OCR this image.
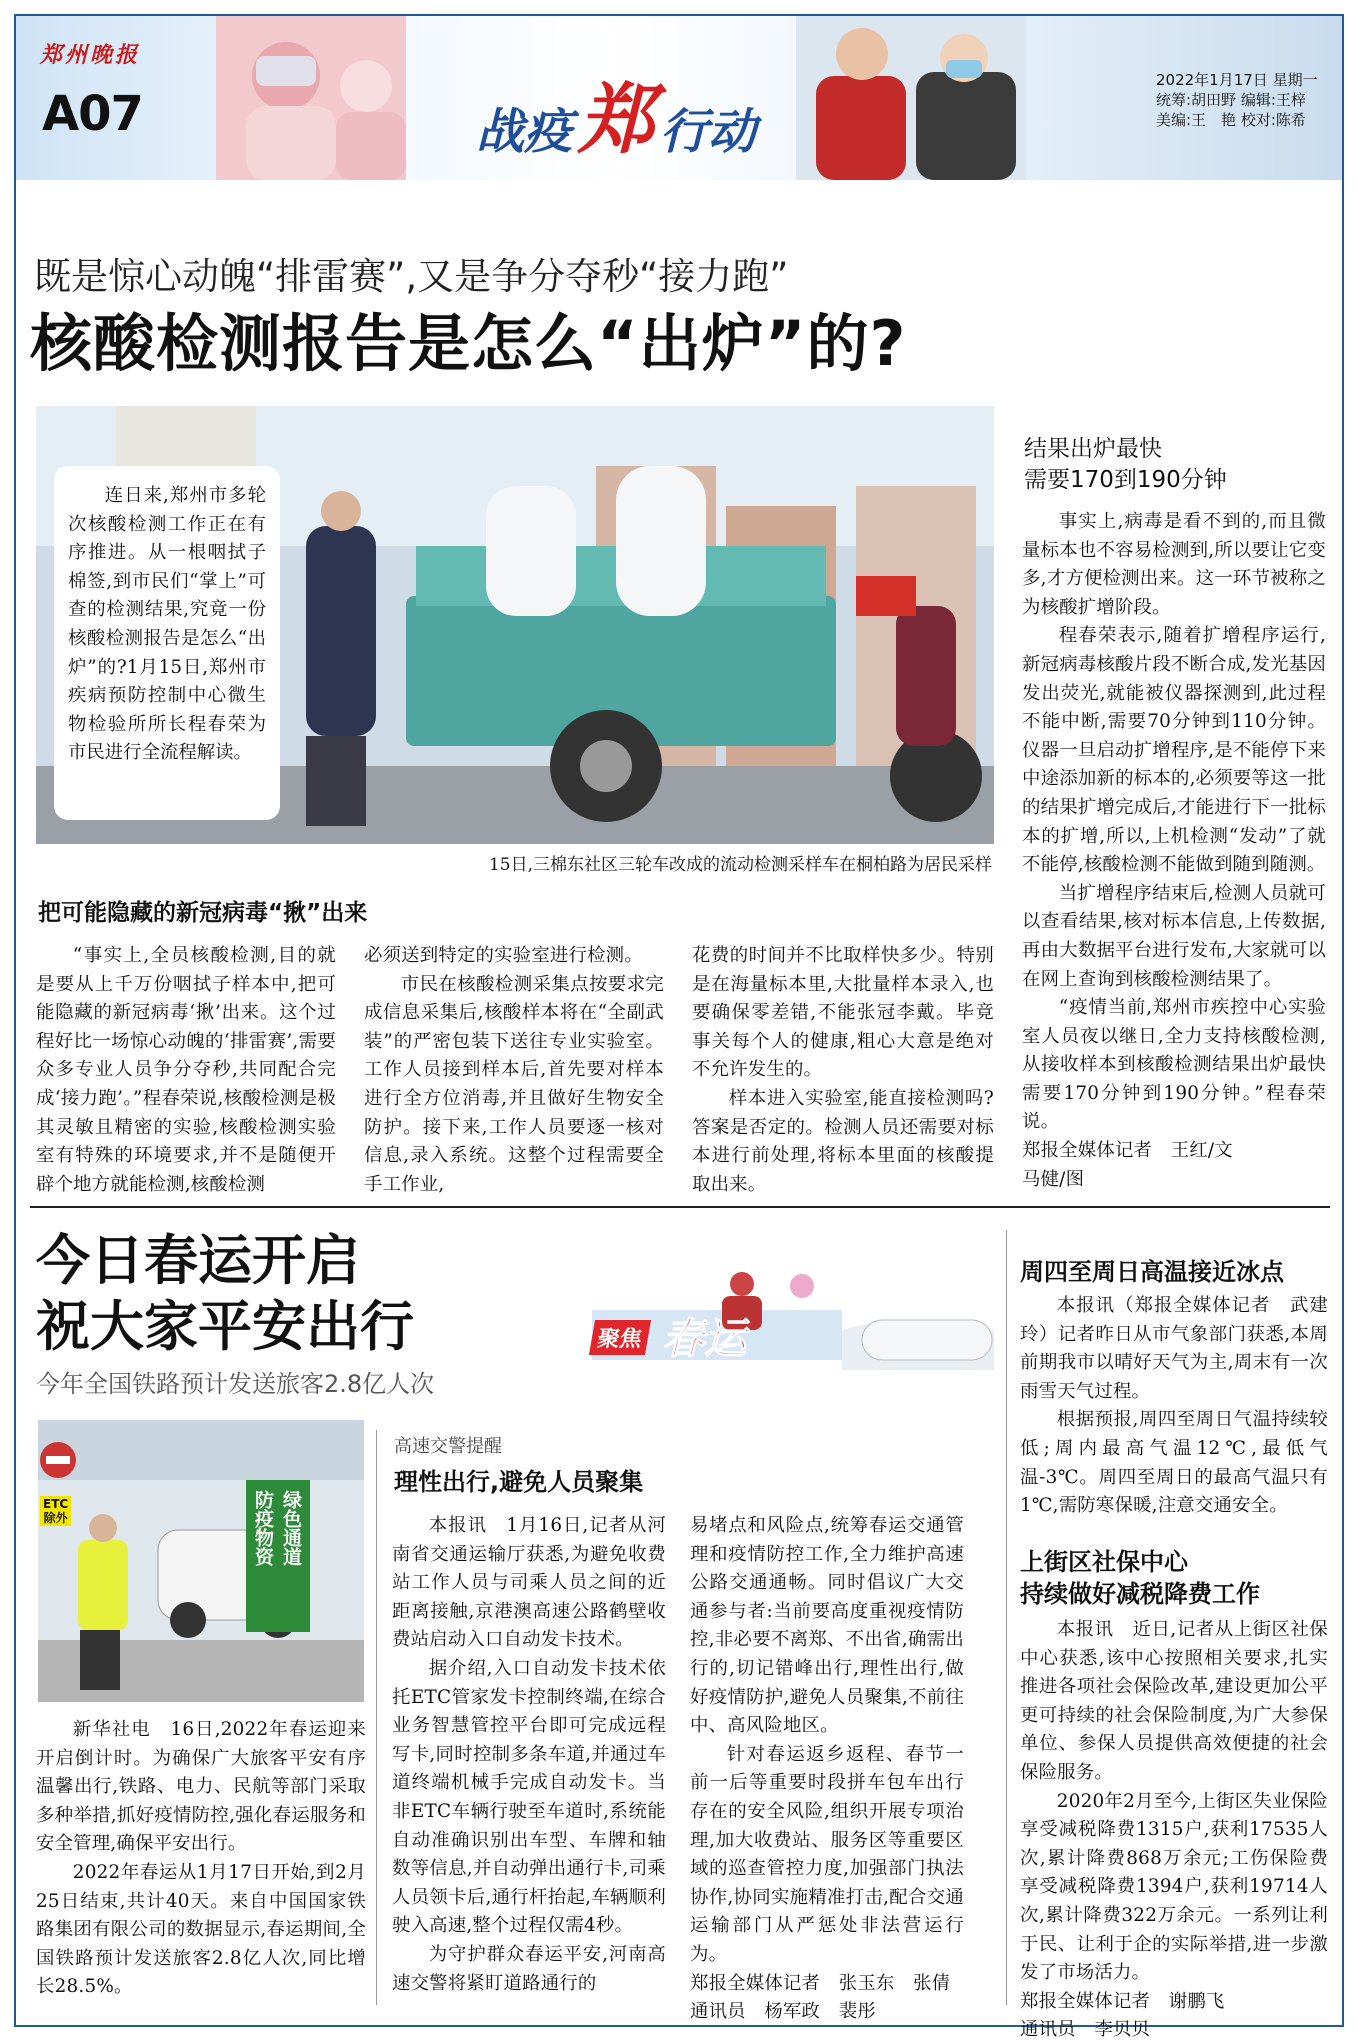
郑州晚报
A07	战疫 郑 行动
2022年1月17日 星期一
统筹:胡田野 编辑:王梓
美编:王　艳 校对:陈希
既是惊心动魄“排雷赛”,又是争分夺秒“接力跑”
核酸检测报告是怎么“出炉”的?

连日来,郑州市多轮次核酸检测工作正在有序推进。从一根咽拭子棉签,到市民们“掌上”可查的检测结果,究竟一份核酸检测报告是怎么“出炉”的?1月15日,郑州市疾病预防控制中心微生物检验所所长程春荣为市民进行全流程解读。

15日,三棉东社区三轮车改成的流动检测采样车在桐柏路为居民采样
把可能隐藏的新冠病毒“揪”出来

“事实上,全员核酸检测,目的就是要从上千万份咽拭子样本中,把可能隐藏的新冠病毒‘揪’出来。这个过程好比一场惊心动魄的‘排雷赛’,需要众多专业人员争分夺秒,共同配合完成‘接力跑’。”程春荣说,核酸检测是极其灵敏且精密的实验,核酸检测实验室有特殊的环境要求,并不是随便开辟个地方就能检测,核酸检测

必须送到特定的实验室进行检测。

市民在核酸检测采集点按要求完成信息采集后,核酸样本将在“全副武装”的严密包装下送往专业实验室。工作人员接到样本后,首先要对样本进行全方位消毒,并且做好生物安全防护。接下来,工作人员要逐一核对信息,录入系统。这整个过程需要全手工作业,

花费的时间并不比取样快多少。特别是在海量标本里,大批量样本录入,也要确保零差错,不能张冠李戴。毕竟事关每个人的健康,粗心大意是绝对不允许发生的。

样本进入实验室,能直接检测吗?答案是否定的。检测人员还需要对标本进行前处理,将标本里面的核酸提取出来。

结果出炉最快
需要170到190分钟

事实上,病毒是看不到的,而且微量标本也不容易检测到,所以要让它变多,才方便检测出来。这一环节被称之为核酸扩增阶段。

程春荣表示,随着扩增程序运行,新冠病毒核酸片段不断合成,发光基因发出荧光,就能被仪器探测到,此过程不能中断,需要70分钟到110分钟。仪器一旦启动扩增程序,是不能停下来中途添加新的标本的,必须要等这一批的结果扩增完成后,才能进行下一批标本的扩增,所以,上机检测“发动”了就不能停,核酸检测不能做到随到随测。

当扩增程序结束后,检测人员就可以查看结果,核对标本信息,上传数据,再由大数据平台进行发布,大家就可以在网上查询到核酸检测结果了。

“疫情当前,郑州市疾控中心实验室人员夜以继日,全力支持核酸检测,从接收样本到核酸检测结果出炉最快需要170分钟到190分钟。”程春荣说。

郑报全媒体记者　王红/文
马健/图
今日春运开启
祝大家平安出行
今年全国铁路预计发送旅客2.8亿人次
聚焦 春运
ETC
除外	绿色通道
防疫物资

新华社电　16日,2022年春运迎来开启倒计时。为确保广大旅客平安有序温馨出行,铁路、电力、民航等部门采取多种举措,抓好疫情防控,强化春运服务和安全管理,确保平安出行。

2022年春运从1月17日开始,到2月25日结束,共计40天。来自中国国家铁路集团有限公司的数据显示,春运期间,全国铁路预计发送旅客2.8亿人次,同比增长28.5%。

高速交警提醒
理性出行,避免人员聚集

本报讯　1月16日,记者从河南省交通运输厅获悉,为避免收费站工作人员与司乘人员之间的近距离接触,京港澳高速公路鹤壁收费站启动入口自动发卡技术。

据介绍,入口自动发卡技术依托ETC管家发卡控制终端,在综合业务智慧管控平台即可完成远程写卡,同时控制多条车道,并通过车道终端机械手完成自动发卡。当非ETC车辆行驶至车道时,系统能自动准确识别出车型、车牌和轴数等信息,并自动弹出通行卡,司乘人员领卡后,通行杆抬起,车辆顺利驶入高速,整个过程仅需4秒。

为守护群众春运平安,河南高速交警将紧盯道路通行的

易堵点和风险点,统筹春运交通管理和疫情防控工作,全力维护高速公路交通通畅。同时倡议广大交通参与者:当前要高度重视疫情防控,非必要不离郑、不出省,确需出行的,切记错峰出行,理性出行,做好疫情防护,避免人员聚集,不前往中、高风险地区。

针对春运返乡返程、春节一前一后等重要时段拼车包车出行存在的安全风险,组织开展专项治理,加大收费站、服务区等重要区域的巡查管控力度,加强部门执法协作,协同实施精准打击,配合交通运输部门从严惩处非法营运行为。

郑报全媒体记者　张玉东　张倩
通讯员　杨军政　裴彤
周四至周日高温接近冰点

本报讯（郑报全媒体记者　武建玲）记者昨日从市气象部门获悉,本周前期我市以晴好天气为主,周末有一次雨雪天气过程。

根据预报,周四至周日气温持续较低;周内最高气温12℃,最低气温-3℃。周四至周日的最高气温只有1℃,需防寒保暖,注意交通安全。

上街区社保中心
持续做好减税降费工作

本报讯　近日,记者从上街区社保中心获悉,该中心按照相关要求,扎实推进各项社会保险改革,建设更加公平更可持续的社会保险制度,为广大参保单位、参保人员提供高效便捷的社会保险服务。

2020年2月至今,上街区失业保险享受减税降费1315户,获利17535人次,累计降费868万余元;工伤保险费享受减税降费1394户,获利19714人次,累计降费322万余元。一系列让利于民、让利于企的实际举措,进一步激发了市场活力。

郑报全媒体记者　谢鹏飞
通讯员　李贝贝
